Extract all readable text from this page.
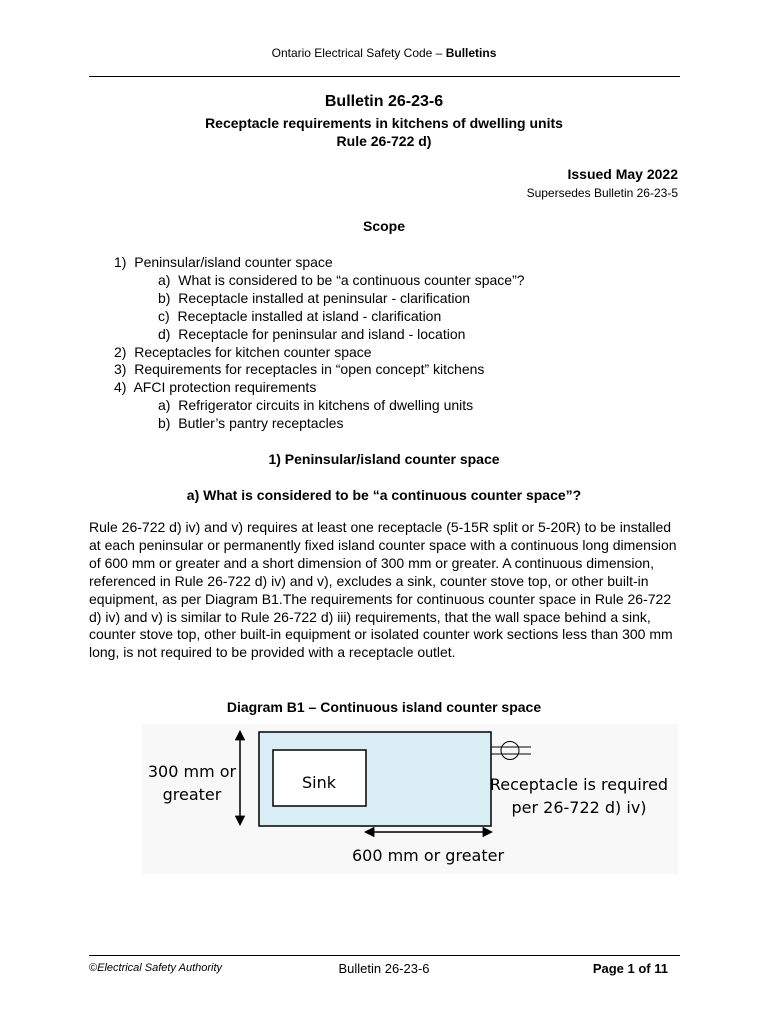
Ontario Electrical Safety Code – Bulletins
Bulletin 26-23-6
Receptacle requirements in kitchens of dwelling units
Rule 26-722 d)
Issued May 2022
Supersedes Bulletin 26-23-5
Scope
1) Peninsular/island counter space
a) What is considered to be “a continuous counter space”?
b) Receptacle installed at peninsular - clarification
c) Receptacle installed at island - clarification
d) Receptacle for peninsular and island - location
2) Receptacles for kitchen counter space
3) Requirements for receptacles in “open concept” kitchens
4) AFCI protection requirements
a) Refrigerator circuits in kitchens of dwelling units
b) Butler’s pantry receptacles
1) Peninsular/island counter space
a) What is considered to be “a continuous counter space”?
Rule 26-722 d) iv) and v) requires at least one receptacle (5-15R split or 5-20R) to be installed at each peninsular or permanently fixed island counter space with a continuous long dimension of 600 mm or greater and a short dimension of 300 mm or greater. A continuous dimension, referenced in Rule 26-722 d) iv) and v), excludes a sink, counter stove top, or other built-in equipment, as per Diagram B1.The requirements for continuous counter space in Rule 26-722 d) iv) and v) is similar to Rule 26-722 d) iii) requirements, that the wall space behind a sink, counter stove top, other built-in equipment or isolated counter work sections less than 300 mm long, is not required to be provided with a receptacle outlet.
Diagram B1 – Continuous island counter space
300 mm or
greater
Sink	Receptacle is required
per 26-722 d) iv)
600 mm or greater
©Electrical Safety Authority	Bulletin 26-23-6	Page 1 of 11
